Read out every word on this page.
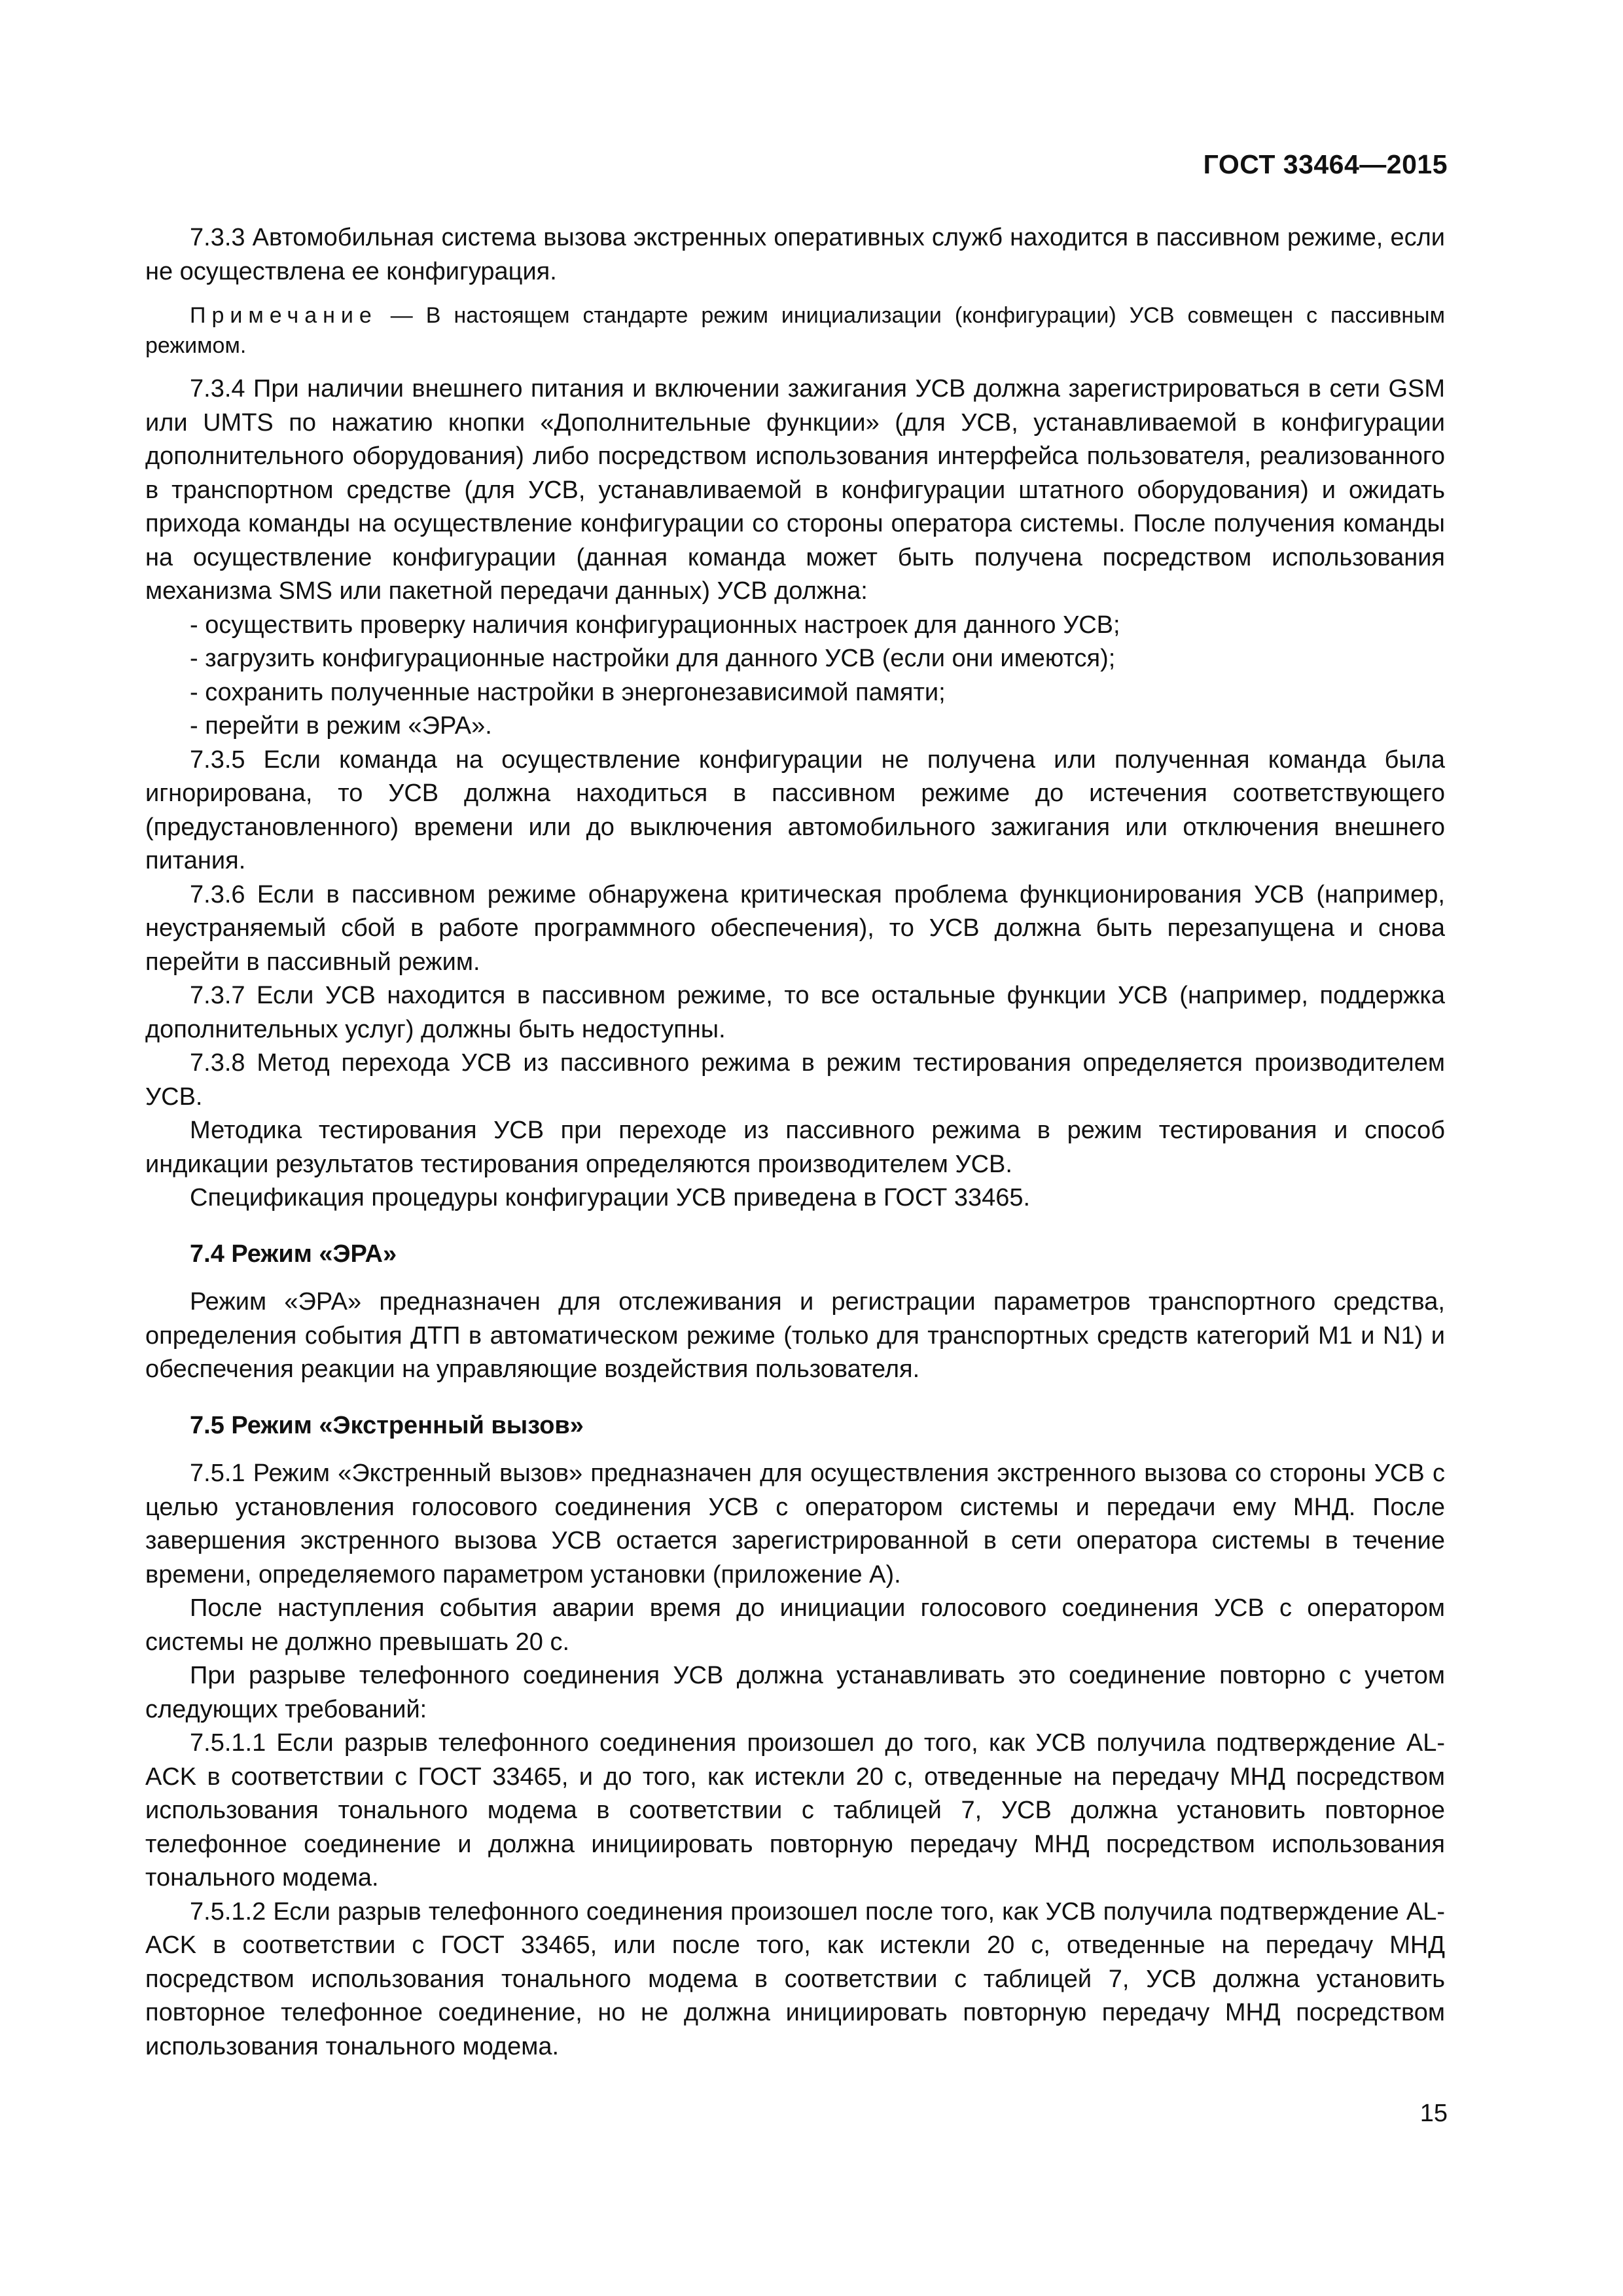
ГОСТ 33464—2015

7.3.3 Автомобильная система вызова экстренных оперативных служб находится в пассивном режиме, если не осуществлена ее конфигурация.

Примечание — В настоящем стандарте режим инициализации (конфигурации) УСВ совмещен с пассивным режимом.

7.3.4 При наличии внешнего питания и включении зажигания УСВ должна зарегистрироваться в сети GSM или UMTS по нажатию кнопки «Дополнительные функции» (для УСВ, устанавливаемой в конфигурации дополнительного оборудования) либо посредством использования интерфейса пользователя, реализованного в транспортном средстве (для УСВ, устанавливаемой в конфигурации штатного оборудования) и ожидать прихода команды на осуществление конфигурации со стороны оператора системы. После получения команды на осуществление конфигурации (данная команда может быть получена посредством использования механизма SMS или пакетной передачи данных) УСВ должна:

- осуществить проверку наличия конфигурационных настроек для данного УСВ;

- загрузить конфигурационные настройки для данного УСВ (если они имеются);

- сохранить полученные настройки в энергонезависимой памяти;

- перейти в режим «ЭРА».

7.3.5 Если команда на осуществление конфигурации не получена или полученная команда была игнорирована, то УСВ должна находиться в пассивном режиме до истечения соответствующего (предустановленного) времени или до выключения автомобильного зажигания или отключения внешнего питания.

7.3.6 Если в пассивном режиме обнаружена критическая проблема функционирования УСВ (например, неустраняемый сбой в работе программного обеспечения), то УСВ должна быть перезапущена и снова перейти в пассивный режим.

7.3.7 Если УСВ находится в пассивном режиме, то все остальные функции УСВ (например, поддержка дополнительных услуг) должны быть недоступны.

7.3.8 Метод перехода УСВ из пассивного режима в режим тестирования определяется производителем УСВ.

Методика тестирования УСВ при переходе из пассивного режима в режим тестирования и способ индикации результатов тестирования определяются производителем УСВ.

Спецификация процедуры конфигурации УСВ приведена в ГОСТ 33465.

7.4 Режим «ЭРА»

Режим «ЭРА» предназначен для отслеживания и регистрации параметров транспортного средства, определения события ДТП в автоматическом режиме (только для транспортных средств категорий М1 и N1) и обеспечения реакции на управляющие воздействия пользователя.

7.5 Режим «Экстренный вызов»

7.5.1 Режим «Экстренный вызов» предназначен для осуществления экстренного вызова со стороны УСВ с целью установления голосового соединения УСВ с оператором системы и передачи ему МНД. После завершения экстренного вызова УСВ остается зарегистрированной в сети оператора системы в течение времени, определяемого параметром установки (приложение А).

После наступления события аварии время до инициации голосового соединения УСВ с оператором системы не должно превышать 20 с.

При разрыве телефонного соединения УСВ должна устанавливать это соединение повторно с учетом следующих требований:

7.5.1.1 Если разрыв телефонного соединения произошел до того, как УСВ получила подтверждение AL-ACK в соответствии с ГОСТ 33465, и до того, как истекли 20 с, отведенные на передачу МНД посредством использования тонального модема в соответствии с таблицей 7, УСВ должна установить повторное телефонное соединение и должна инициировать повторную передачу МНД посредством использования тонального модема.

7.5.1.2 Если разрыв телефонного соединения произошел после того, как УСВ получила подтверждение AL-ACK в соответствии с ГОСТ 33465, или после того, как истекли 20 с, отведенные на передачу МНД посредством использования тонального модема в соответствии с таблицей 7, УСВ должна установить повторное телефонное соединение, но не должна инициировать повторную передачу МНД посредством использования тонального модема.

15
